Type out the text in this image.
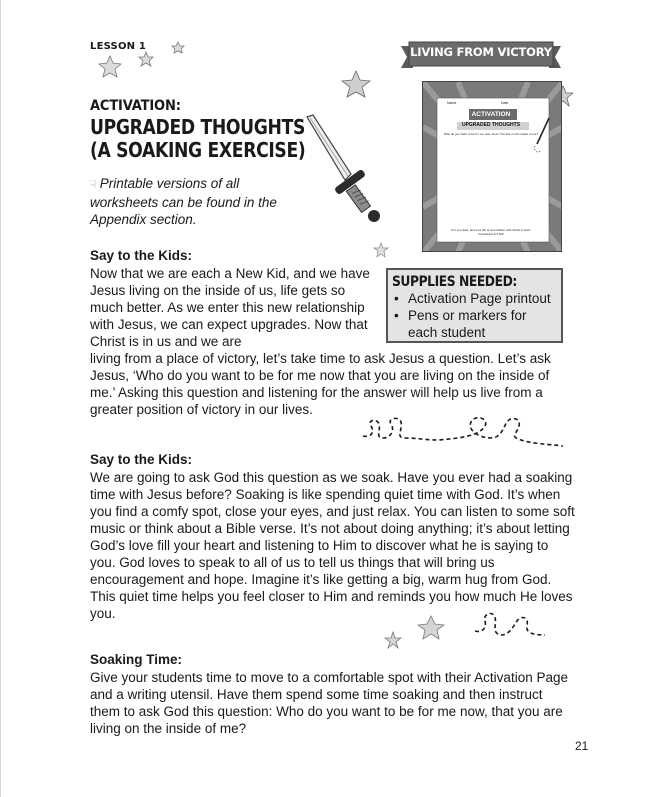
LESSON 1	LIVING FROM VICTORY
Name	Date
ACTIVATION
UPGRADED THOUGHTS
Who do you want to be for me now, God / You live on the inside of me?
For you died, and your life is now hidden with Christ in God.
Colossians 3:3 NIV
ACTIVATION:
UPGRADED THOUGHTS
(A SOAKING EXERCISE)
☟ Printable versions of all worksheets can be found in the Appendix section.
SUPPLIES NEEDED:
• Activation Page printout
• Pens or markers for each student
Say to the Kids:
Now that we are each a New Kid, and we have Jesus living on the inside of us, life gets so much better. As we enter this new relationship with Jesus, we can expect upgrades. Now that Christ is in us and we are
living from a place of victory, let’s take time to ask Jesus a question. Let’s ask Jesus, ‘Who do you want to be for me now that you are living on the inside of me.’ Asking this question and listening for the answer will help us live from a greater position of victory in our lives.
Say to the Kids:
We are going to ask God this question as we soak. Have you ever had a soaking time with Jesus before? Soaking is like spending quiet time with God. It’s when you find a comfy spot, close your eyes, and just relax. You can listen to some soft music or think about a Bible verse. It’s not about doing anything; it’s about letting God’s love fill your heart and listening to Him to discover what he is saying to you. God loves to speak to all of us to tell us things that will bring us encouragement and hope. Imagine it’s like getting a big, warm hug from God. This quiet time helps you feel closer to Him and reminds you how much He loves you.
Soaking Time:
Give your students time to move to a comfortable spot with their Activation Page and a writing utensil. Have them spend some time soaking and then instruct them to ask God this question: Who do you want to be for me now, that you are living on the inside of me?
21
